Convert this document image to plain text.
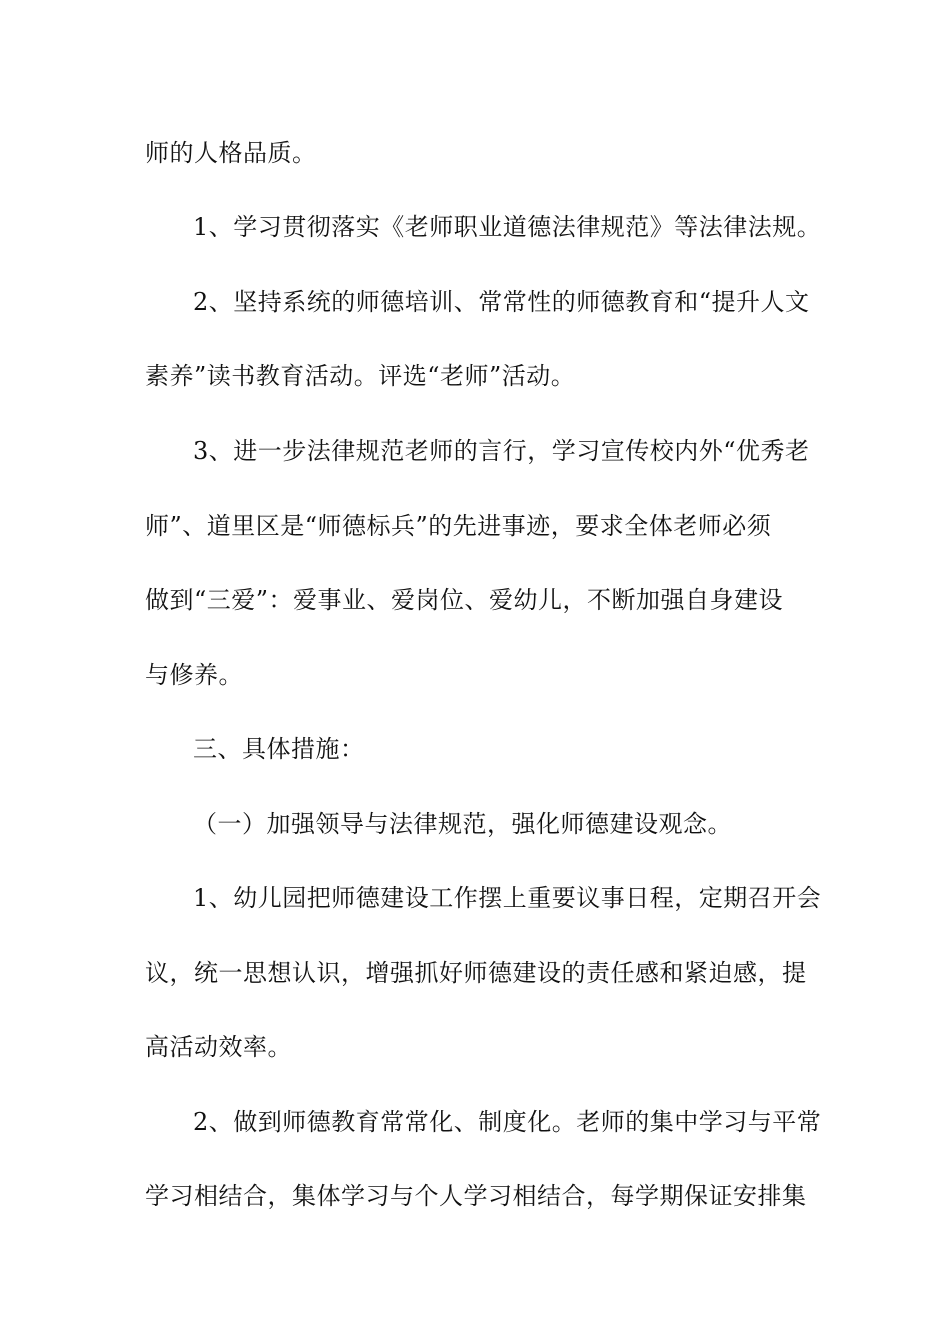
师的人格品质。
1、学习贯彻落实《老师职业道德法律规范》等法律法规。
2、坚持系统的师德培训、常常性的师德教育和“提升人文
素养”读书教育活动。评选“老师”活动。
3、进一步法律规范老师的言行，学习宣传校内外“优秀老
师”、道里区是“师德标兵”的先进事迹，要求全体老师必须
做到“三爱”：爱事业、爱岗位、爱幼儿，不断加强自身建设
与修养。
三、具体措施：
（一）加强领导与法律规范，强化师德建设观念。
1、幼儿园把师德建设工作摆上重要议事日程，定期召开会
议，统一思想认识，增强抓好师德建设的责任感和紧迫感，提
高活动效率。
2、做到师德教育常常化、制度化。老师的集中学习与平常
学习相结合，集体学习与个人学习相结合，每学期保证安排集
